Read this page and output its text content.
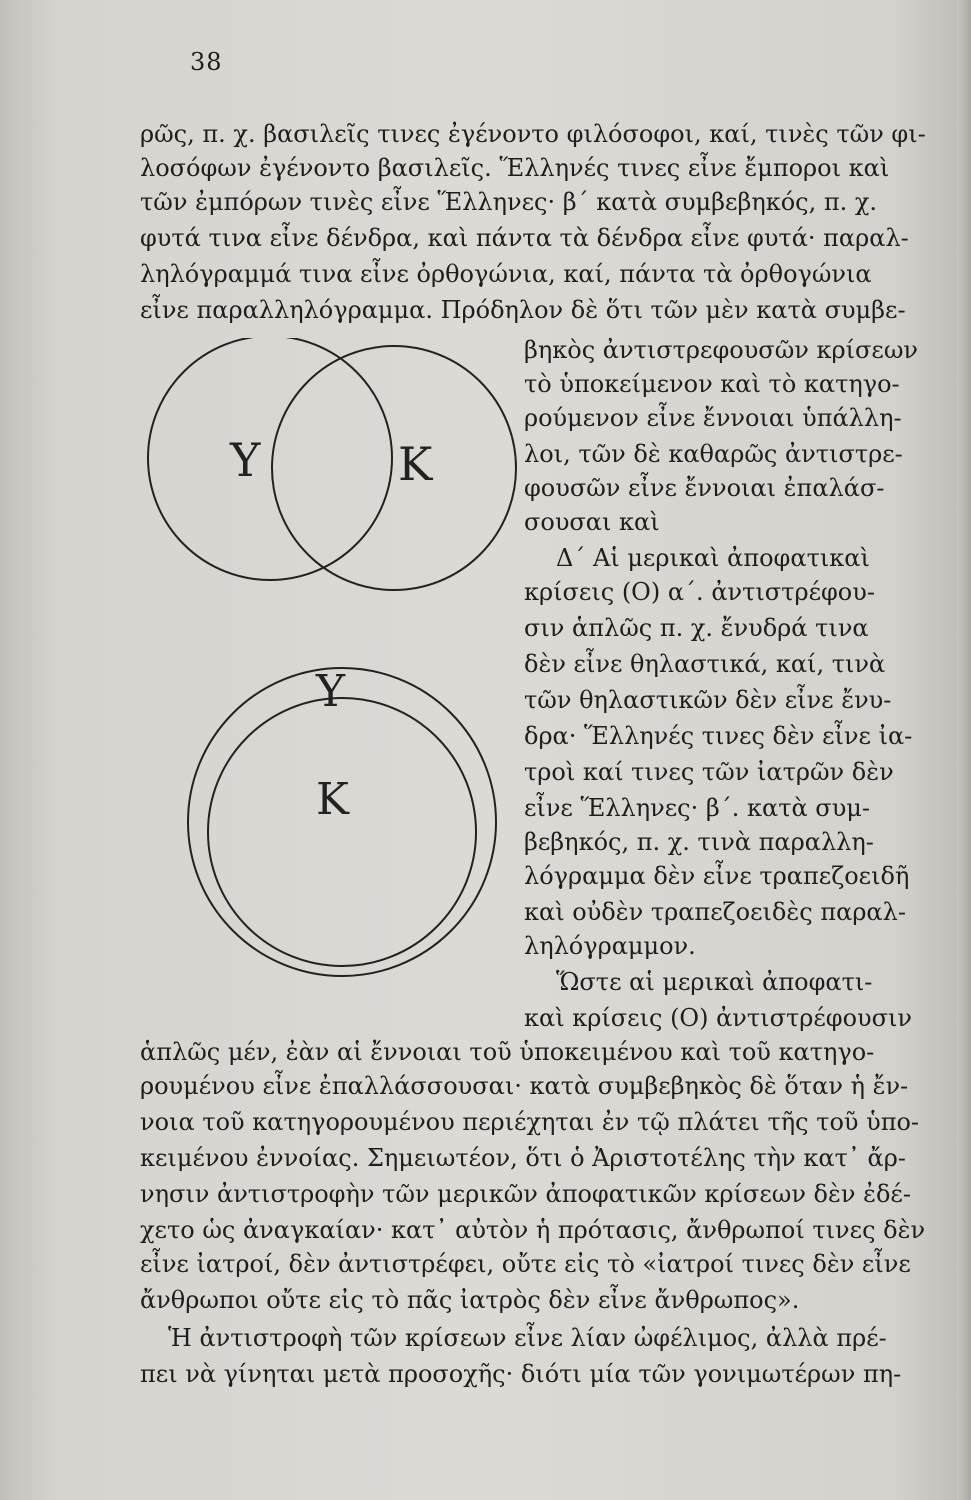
38
ρῶς, π. χ. βασιλεῖς τινες ἐγένοντο φιλόσοφοι, καί, τινὲς τῶν φι-
λοσόφων ἐγένοντο βασιλεῖς. Ἕλληνές τινες εἶνε ἔμποροι καὶ
τῶν ἐμπόρων τινὲς εἶνε Ἕλληνες· β´ κατὰ συμβεβηκός, π. χ.
φυτά τινα εἶνε δένδρα, καὶ πάντα τὰ δένδρα εἶνε φυτά· παραλ-
ληλόγραμμά τινα εἶνε ὀρθογώνια, καί, πάντα τὰ ὀρθογώνια
εἶνε παραλληλόγραμμα. Πρόδηλον δὲ ὅτι τῶν μὲν κατὰ συμβε-
Υ	Κ
βηκὸς ἀντιστρεφουσῶν κρίσεων
τὸ ὑποκείμενον καὶ τὸ κατηγο-
ρούμενον εἶνε ἔννοιαι ὑπάλλη-
λοι, τῶν δὲ καθαρῶς ἀντιστρε-
φουσῶν εἶνε ἔννοιαι ἐπαλάσ-
σουσαι καὶ
Δ´ Αἱ μερικαὶ ἀποφατικαὶ
κρίσεις (Ο) α´. ἀντιστρέφου-
σιν ἁπλῶς π. χ. ἔνυδρά τινα
δὲν εἶνε θηλαστικά, καί, τινὰ
τῶν θηλαστικῶν δὲν εἶνε ἔνυ-
δρα· Ἕλληνές τινες δὲν εἶνε ἰα-
τροὶ καί τινες τῶν ἰατρῶν δὲν
εἶνε Ἕλληνες· β´. κατὰ συμ-
βεβηκός, π. χ. τινὰ παραλλη-
λόγραμμα δὲν εἶνε τραπεζοειδῆ
καὶ οὐδὲν τραπεζοειδὲς παραλ-
ληλόγραμμον.
Ὥστε αἱ μερικαὶ ἀποφατι-
καὶ κρίσεις (Ο) ἀντιστρέφουσιν
Υ
Κ
ἁπλῶς μέν, ἐὰν αἱ ἔννοιαι τοῦ ὑποκειμένου καὶ τοῦ κατηγο-
ρουμένου εἶνε ἐπαλλάσσουσαι· κατὰ συμβεβηκὸς δὲ ὅταν ἡ ἔν-
νοια τοῦ κατηγορουμένου περιέχηται ἐν τῷ πλάτει τῆς τοῦ ὑπο-
κειμένου ἐννοίας. Σημειωτέον, ὅτι ὁ Ἀριστοτέλης τὴν κατ᾽ ἄρ-
νησιν ἀντιστροφὴν τῶν μερικῶν ἀποφατικῶν κρίσεων δὲν ἐδέ-
χετο ὡς ἀναγκαίαν· κατ᾽ αὐτὸν ἡ πρότασις, ἄνθρωποί τινες δὲν
εἶνε ἰατροί, δὲν ἀντιστρέφει, οὔτε εἰς τὸ «ἰατροί τινες δὲν εἶνε
ἄνθρωποι οὔτε εἰς τὸ πᾶς ἰατρὸς δὲν εἶνε ἄνθρωπος».
Ἡ ἀντιστροφὴ τῶν κρίσεων εἶνε λίαν ὠφέλιμος, ἀλλὰ πρέ-
πει νὰ γίνηται μετὰ προσοχῆς· διότι μία τῶν γονιμωτέρων πη-
